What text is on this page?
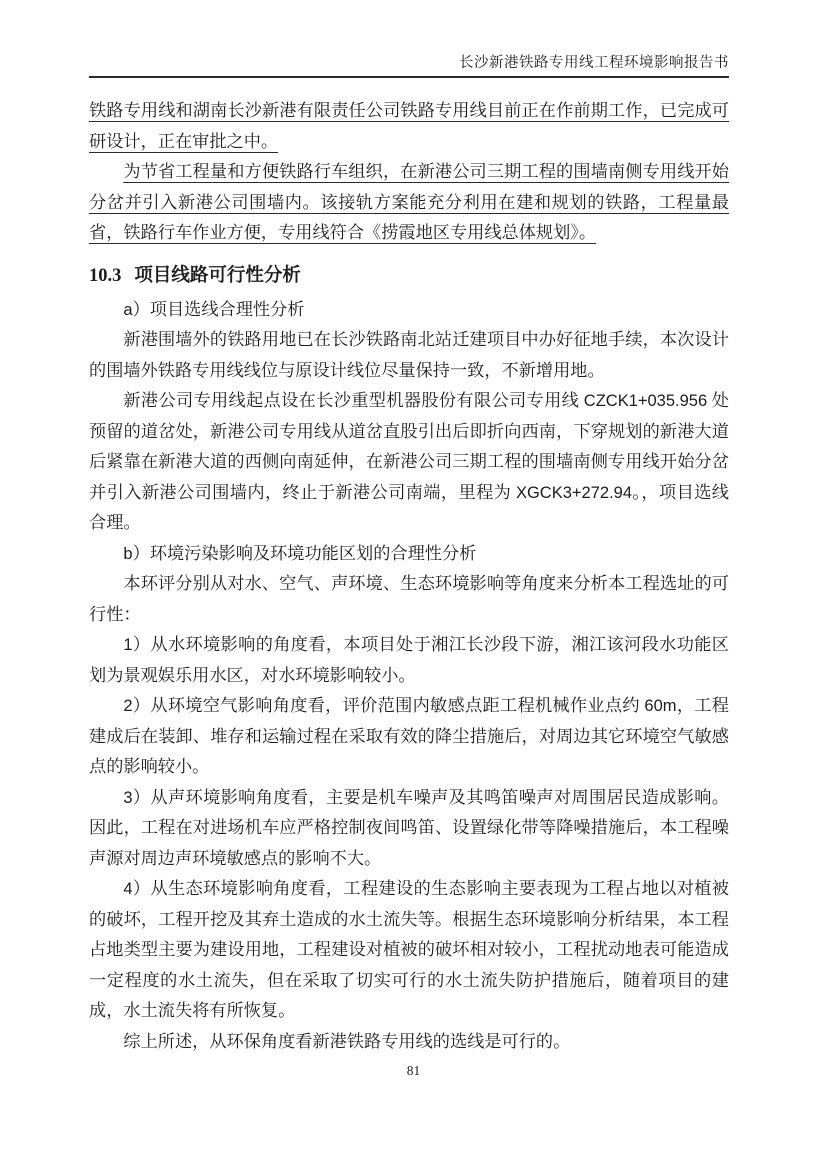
长沙新港铁路专用线工程环境影响报告书

铁路专用线和湖南长沙新港有限责任公司铁路专用线目前正在作前期工作，已完成可研设计，正在审批之中。

为节省工程量和方便铁路行车组织，在新港公司三期工程的围墙南侧专用线开始分岔并引入新港公司围墙内。该接轨方案能充分利用在建和规划的铁路，工程量最省，铁路行车作业方便，专用线符合《捞霞地区专用线总体规划》。

10.3 项目线路可行性分析

a）项目选线合理性分析

新港围墙外的铁路用地已在长沙铁路南北站迁建项目中办好征地手续，本次设计的围墙外铁路专用线线位与原设计线位尽量保持一致，不新增用地。

新港公司专用线起点设在长沙重型机器股份有限公司专用线 CZCK1+035.956 处预留的道岔处，新港公司专用线从道岔直股引出后即折向西南，下穿规划的新港大道后紧靠在新港大道的西侧向南延伸，在新港公司三期工程的围墙南侧专用线开始分岔并引入新港公司围墙内，终止于新港公司南端，里程为 XGCK3+272.94。，项目选线合理。

b）环境污染影响及环境功能区划的合理性分析

本环评分别从对水、空气、声环境、生态环境影响等角度来分析本工程选址的可行性：

1）从水环境影响的角度看，本项目处于湘江长沙段下游，湘江该河段水功能区划为景观娱乐用水区，对水环境影响较小。

2）从环境空气影响角度看，评价范围内敏感点距工程机械作业点约 60m，工程建成后在装卸、堆存和运输过程在采取有效的降尘措施后，对周边其它环境空气敏感点的影响较小。

3）从声环境影响角度看，主要是机车噪声及其鸣笛噪声对周围居民造成影响。因此，工程在对进场机车应严格控制夜间鸣笛、设置绿化带等降噪措施后，本工程噪声源对周边声环境敏感点的影响不大。

4）从生态环境影响角度看，工程建设的生态影响主要表现为工程占地以对植被的破坏，工程开挖及其弃土造成的水土流失等。根据生态环境影响分析结果，本工程占地类型主要为建设用地，工程建设对植被的破坏相对较小，工程扰动地表可能造成一定程度的水土流失，但在采取了切实可行的水土流失防护措施后，随着项目的建成，水土流失将有所恢复。

综上所述，从环保角度看新港铁路专用线的选线是可行的。

81
